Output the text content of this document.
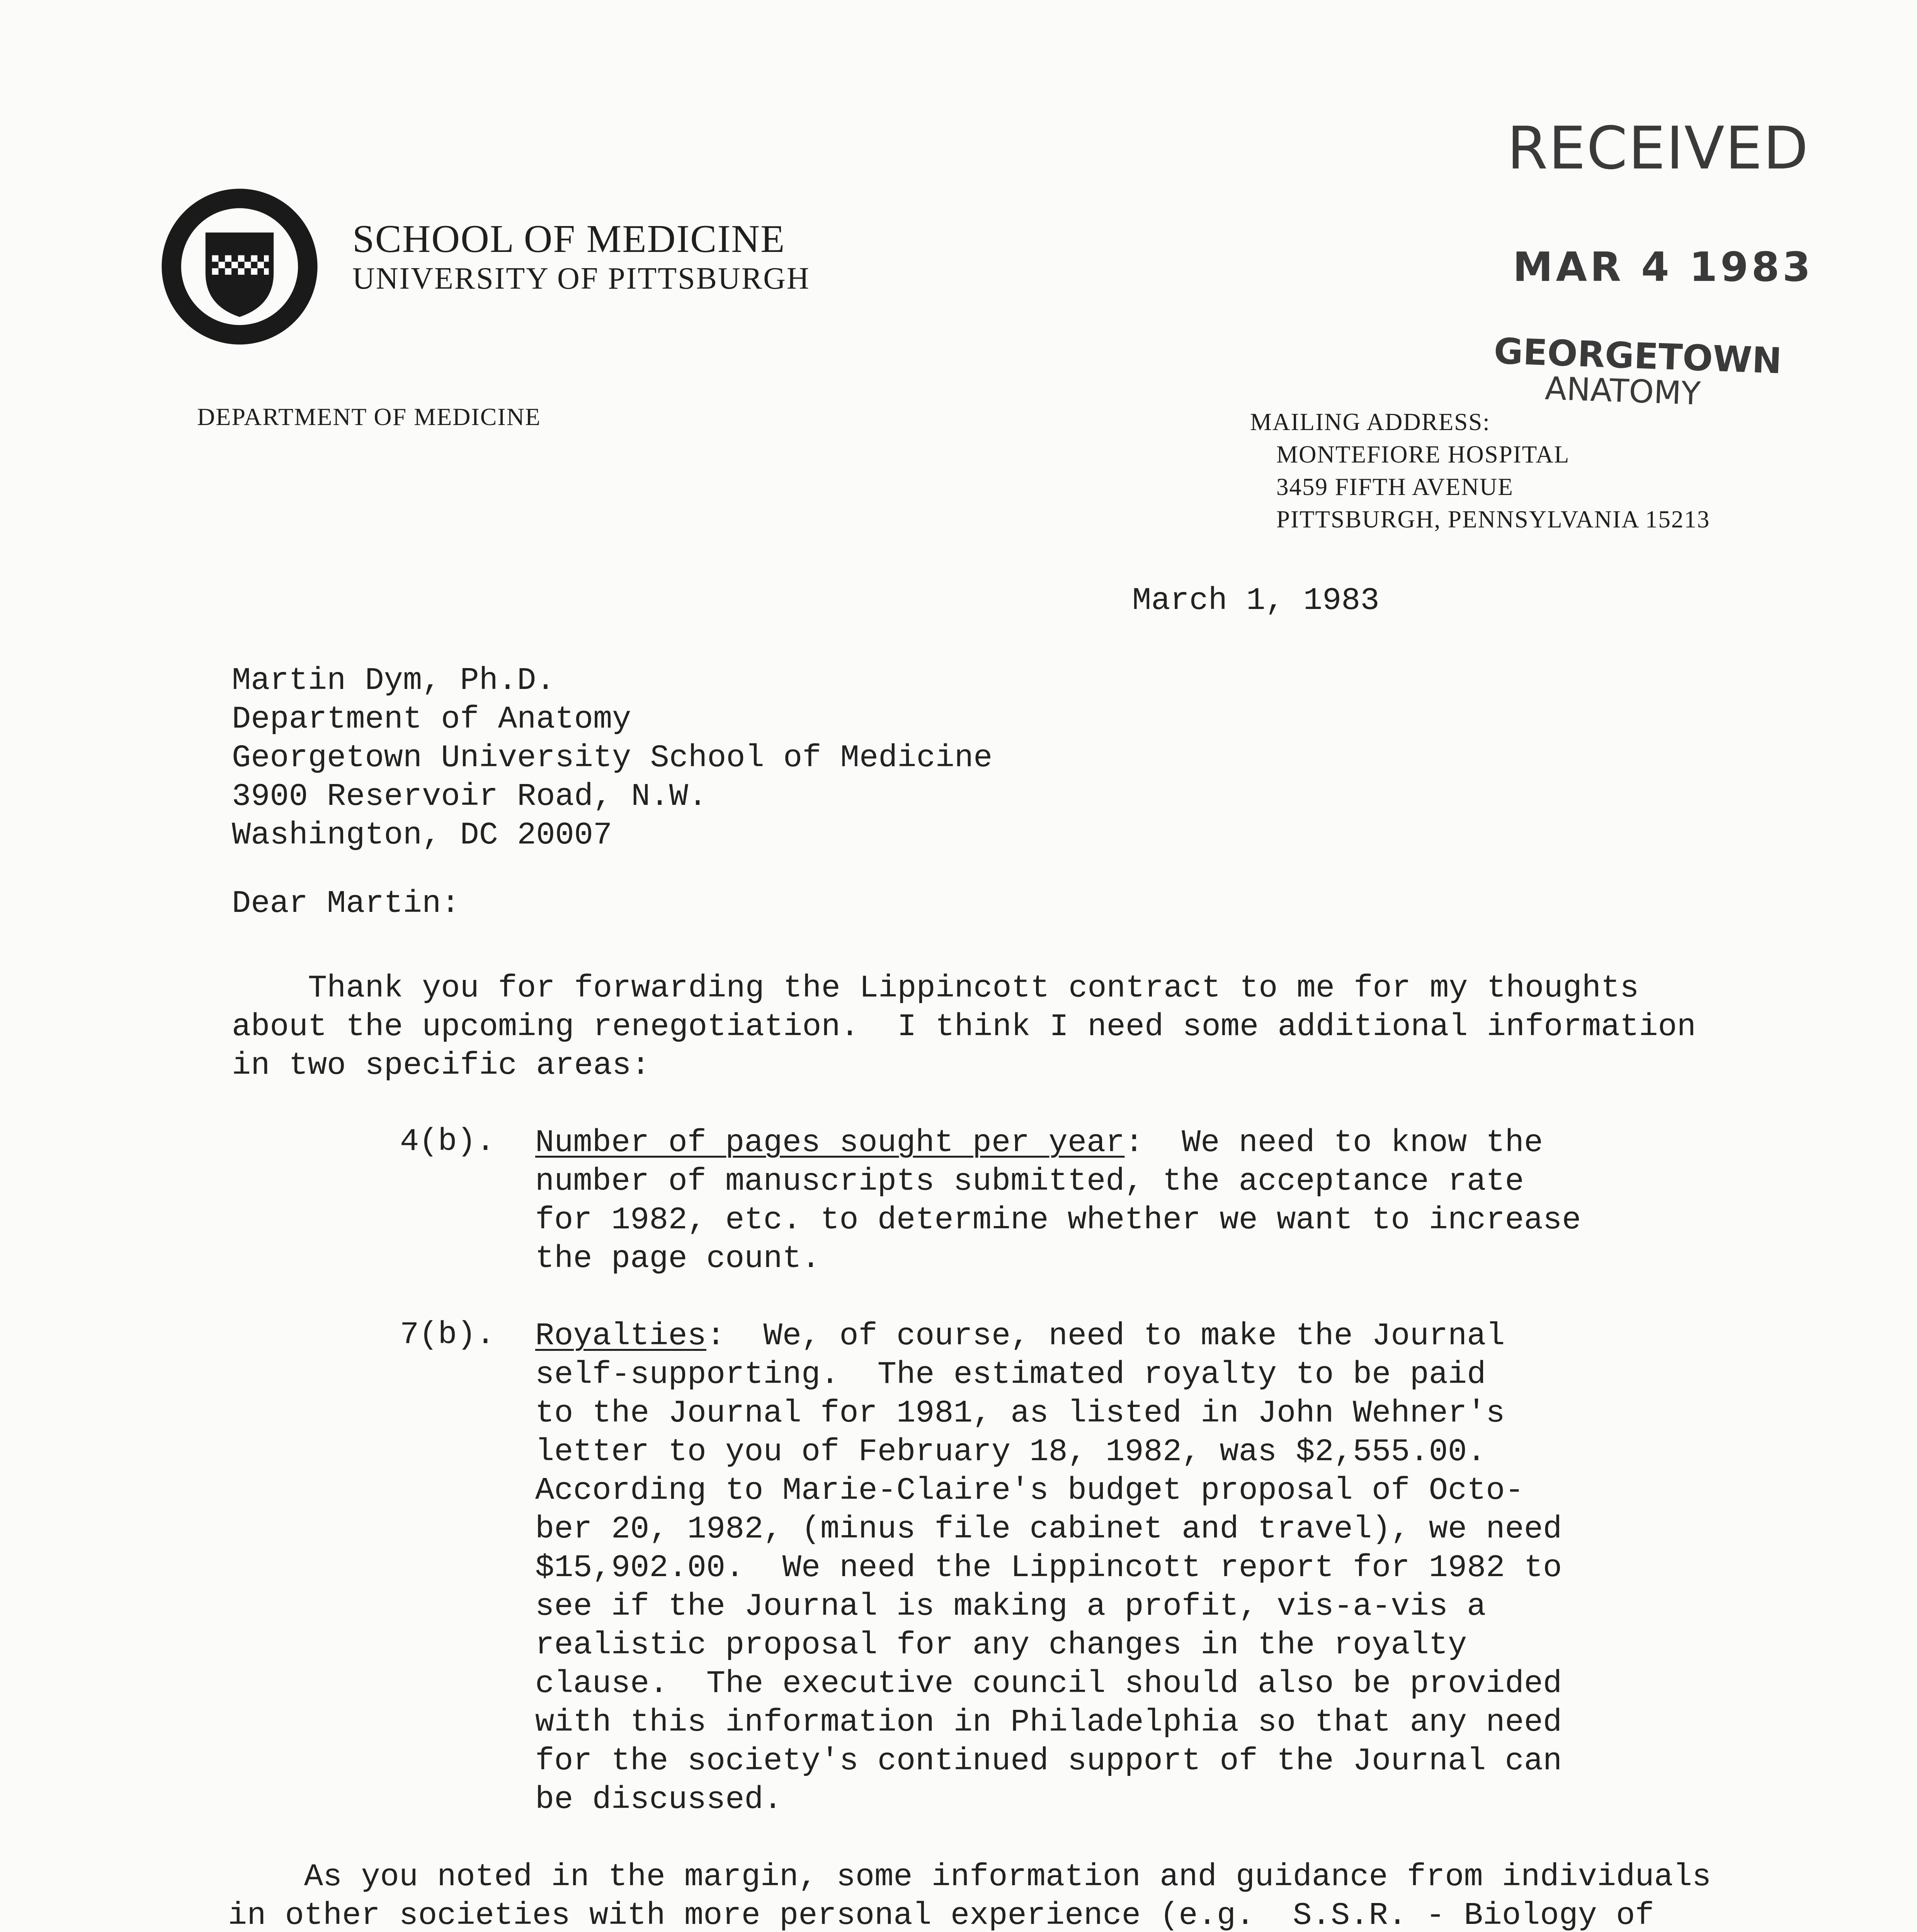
SCHOOL OF MEDICINE
UNIVERSITY OF PITTSBURGH
DEPARTMENT OF MEDICINE
RECEIVED
MAR 4 1983
GEORGETOWN
ANATOMY
MAILING ADDRESS:
MONTEFIORE HOSPITAL
3459 FIFTH AVENUE
PITTSBURGH, PENNSYLVANIA 15213
March 1, 1983
Martin Dym, Ph.D.
Department of Anatomy
Georgetown University School of Medicine
3900 Reservoir Road, N.W.
Washington, DC 20007
Dear Martin:
Thank you for forwarding the Lippincott contract to me for my thoughts
about the upcoming renegotiation.  I think I need some additional information
in two specific areas:
4(b). Number of pages sought per year:  We need to know the
number of manuscripts submitted, the acceptance rate
for 1982, etc. to determine whether we want to increase
the page count.
7(b). Royalties:  We, of course, need to make the Journal
self-supporting.  The estimated royalty to be paid
to the Journal for 1981, as listed in John Wehner's
letter to you of February 18, 1982, was $2,555.00.
According to Marie-Claire's budget proposal of Octo-
ber 20, 1982, (minus file cabinet and travel), we need
$15,902.00.  We need the Lippincott report for 1982 to
see if the Journal is making a profit, vis-a-vis a
realistic proposal for any changes in the royalty
clause.  The executive council should also be provided
with this information in Philadelphia so that any need
for the society's continued support of the Journal can
be discussed.
As you noted in the margin, some information and guidance from individuals
in other societies with more personal experience (e.g.  S.S.R. - Biology of
